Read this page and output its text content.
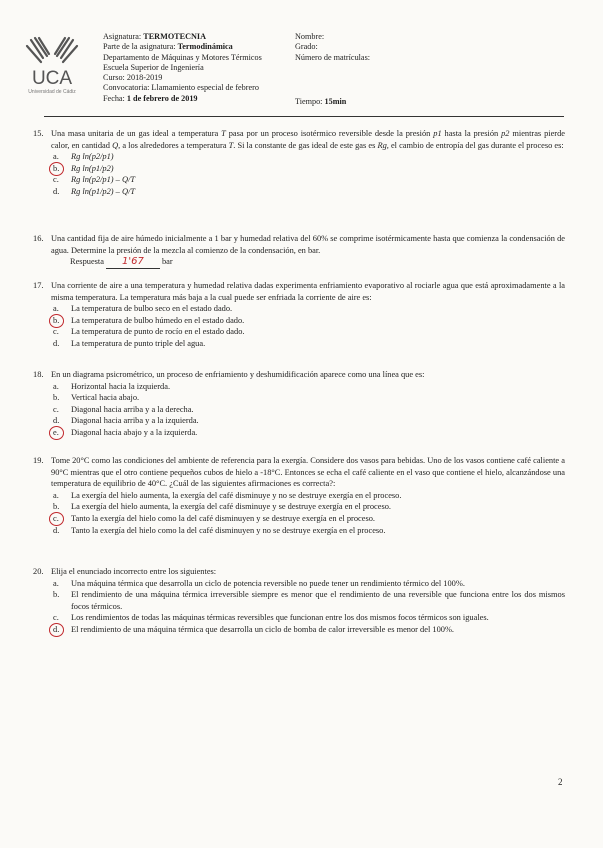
UCA
Universidad de Cádiz
Asignatura: TERMOTECNIA
Parte de la asignatura: Termodinámica
Departamento de Máquinas y Motores Térmicos
Escuela Superior de Ingeniería
Curso: 2018-2019
Convocatoria: Llamamiento especial de febrero
Fecha: 1 de febrero de 2019
Nombre:
Grado:
Número de matrículas:
Tiempo: 15min
15. Una masa unitaria de un gas ideal a temperatura T pasa por un proceso isotérmico reversible desde la presión p1 hasta la presión p2 mientras pierde calor, en cantidad Q, a los alrededores a temperatura T. Si la constante de gas ideal de este gas es Rg, el cambio de entropía del gas durante el proceso es:
a.	Rg ln(p2/p1)
b.	Rg ln(p1/p2)
c.	Rg ln(p2/p1) – Q/T
d.	Rg ln(p1/p2) – Q/T
16. Una cantidad fija de aire húmedo inicialmente a 1 bar y humedad relativa del 60% se comprime isotérmicamente hasta que comienza la condensación de agua. Determine la presión de la mezcla al comienzo de la condensación, en bar.
Respuesta 1'67 bar
17. Una corriente de aire a una temperatura y humedad relativa dadas experimenta enfriamiento evaporativo al rociarle agua que está aproximadamente a la misma temperatura. La temperatura más baja a la cual puede ser enfriada la corriente de aire es:
a.	La temperatura de bulbo seco en el estado dado.
b.	La temperatura de bulbo húmedo en el estado dado.
c.	La temperatura de punto de rocío en el estado dado.
d.	La temperatura de punto triple del agua.
18. En un diagrama psicrométrico, un proceso de enfriamiento y deshumidificación aparece como una línea que es:
a.	Horizontal hacia la izquierda.
b.	Vertical hacia abajo.
c.	Diagonal hacia arriba y a la derecha.
d.	Diagonal hacia arriba y a la izquierda.
e.	Diagonal hacia abajo y a la izquierda.
19. Tome 20°C como las condiciones del ambiente de referencia para la exergía. Considere dos vasos para bebidas. Uno de los vasos contiene café caliente a 90°C mientras que el otro contiene pequeños cubos de hielo a -18°C. Entonces se echa el café caliente en el vaso que contiene el hielo, alcanzándose una temperatura de equilibrio de 40°C. ¿Cuál de las siguientes afirmaciones es correcta?:
a.	La exergía del hielo aumenta, la exergía del café disminuye y no se destruye exergía en el proceso.
b.	La exergía del hielo aumenta, la exergía del café disminuye y se destruye exergía en el proceso.
c.	Tanto la exergía del hielo como la del café disminuyen y se destruye exergía en el proceso.
d.	Tanto la exergía del hielo como la del café disminuyen y no se destruye exergía en el proceso.
20. Elija el enunciado incorrecto entre los siguientes:
a.	Una máquina térmica que desarrolla un ciclo de potencia reversible no puede tener un rendimiento térmico del 100%.
b.	El rendimiento de una máquina térmica irreversible siempre es menor que el rendimiento de una reversible que funciona entre los dos mismos focos térmicos.
c.	Los rendimientos de todas las máquinas térmicas reversibles que funcionan entre los dos mismos focos térmicos son iguales.
d.	El rendimiento de una máquina térmica que desarrolla un ciclo de bomba de calor irreversible es menor del 100%.
2
